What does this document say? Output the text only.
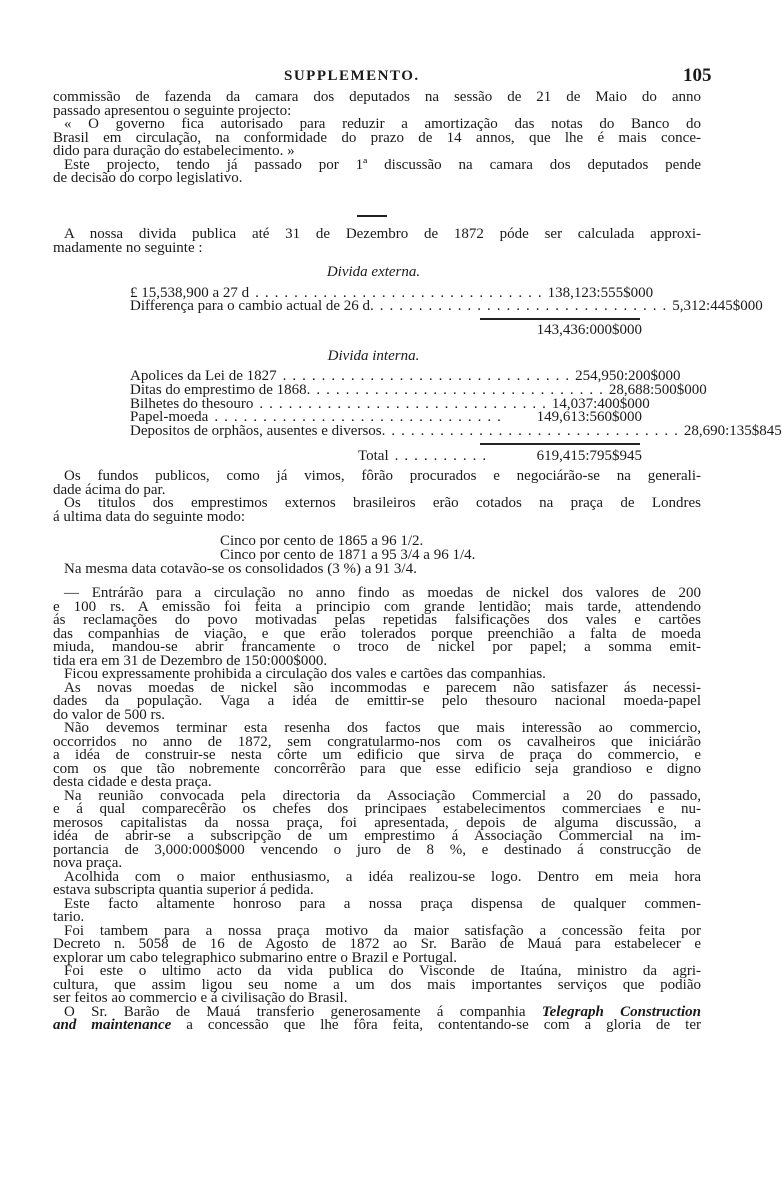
SUPPLEMENTO.	105
commissão de fazenda da camara dos deputados na sessão de 21 de Maio do anno
passado apresentou o seguinte projecto:
« O governo fica autorisado para reduzir a amortização das notas do Banco do
Brasil em circulação, na conformidade do prazo de 14 annos, que lhe é mais conce-
dido para duração do estabelecimento. »
Este projecto, tendo já passado por 1ª discussão na camara dos deputados pende
de decisão do corpo legislativo.
A nossa divida publica até 31 de Dezembro de 1872 póde ser calculada approxi-
madamente no seguinte :
Divida externa.
£ 15,538,900 a 27 d .............................. 138,123:555$000
Differença para o cambio actual de 26 d. .............................. 5,312:445$000
143,436:000$000
Divida interna.
Apolices da Lei de 1827 .............................. 254,950:200$000
Ditas do emprestimo de 1868. .............................. 28,688:500$000
Bilhetes do thesouro .............................. 14,037:400$000
Papel-moeda ..............................	149,613:560$000
Depositos de orphãos, ausentes e diversos. .............................. 28,690:135$845
Total ..........	619,415:795$945
Os fundos publicos, como já vimos, fôrão procurados e negociárão-se na generali-
dade ácima do par.
Os titulos dos emprestimos externos brasileiros erão cotados na praça de Londres
á ultima data do seguinte modo:
Cinco por cento de 1865 a 96 1/2.
Cinco por cento de 1871 a 95 3/4 a 96 1/4.
Na mesma data cotavão-se os consolidados (3 %) a 91 3/4.
— Entrárão para a circulação no anno findo as moedas de nickel dos valores de 200
e 100 rs. A emissão foi feita a principio com grande lentidão; mais tarde, attendendo
ás reclamações do povo motivadas pelas repetidas falsificações dos vales e cartões
das companhias de viação, e que erão tolerados porque preenchião a falta de moeda
miuda, mandou-se abrir francamente o troco de nickel por papel; a somma emit-
tida era em 31 de Dezembro de 150:000$000.
Ficou expressamente prohibida a circulação dos vales e cartões das companhias.
As novas moedas de nickel são incommodas e parecem não satisfazer ás necessi-
dades da população. Vaga a idéa de emittir-se pelo thesouro nacional moeda-papel
do valor de 500 rs.
Não devemos terminar esta resenha dos factos que mais interessão ao commercio,
occorridos no anno de 1872, sem congratularmo-nos com os cavalheiros que iniciárão
a idéa de construir-se nesta côrte um edificio que sirva de praça do commercio, e
com os que tão nobremente concorrêrão para que esse edificio seja grandioso e digno
desta cidade e desta praça.
Na reunião convocada pela directoria da Associação Commercial a 20 do passado,
e á qual comparecêrão os chefes dos principaes estabelecimentos commerciaes e nu-
merosos capitalistas da nossa praça, foi apresentada, depois de alguma discussão, a
idéa de abrir-se a subscripção de um emprestimo á Associação Commercial na im-
portancia de 3,000:000$000 vencendo o juro de 8 %, e destinado á construcção de
nova praça.
Acolhida com o maior enthusiasmo, a idéa realizou-se logo. Dentro em meia hora
estava subscripta quantia superior á pedida.
Este facto altamente honroso para a nossa praça dispensa de qualquer commen-
tario.
Foi tambem para a nossa praça motivo da maior satisfação a concessão feita por
Decreto n. 5058 de 16 de Agosto de 1872 ao Sr. Barão de Mauá para estabelecer e
explorar um cabo telegraphico submarino entre o Brazil e Portugal.
Foi este o ultimo acto da vida publica do Visconde de Itaúna, ministro da agri-
cultura, que assim ligou seu nome a um dos mais importantes serviços que podião
ser feitos ao commercio e á civilisação do Brasil.
O Sr. Barão de Mauá transferio generosamente á companhia Telegraph Construction
and maintenance a concessão que lhe fôra feita, contentando-se com a gloria de ter
